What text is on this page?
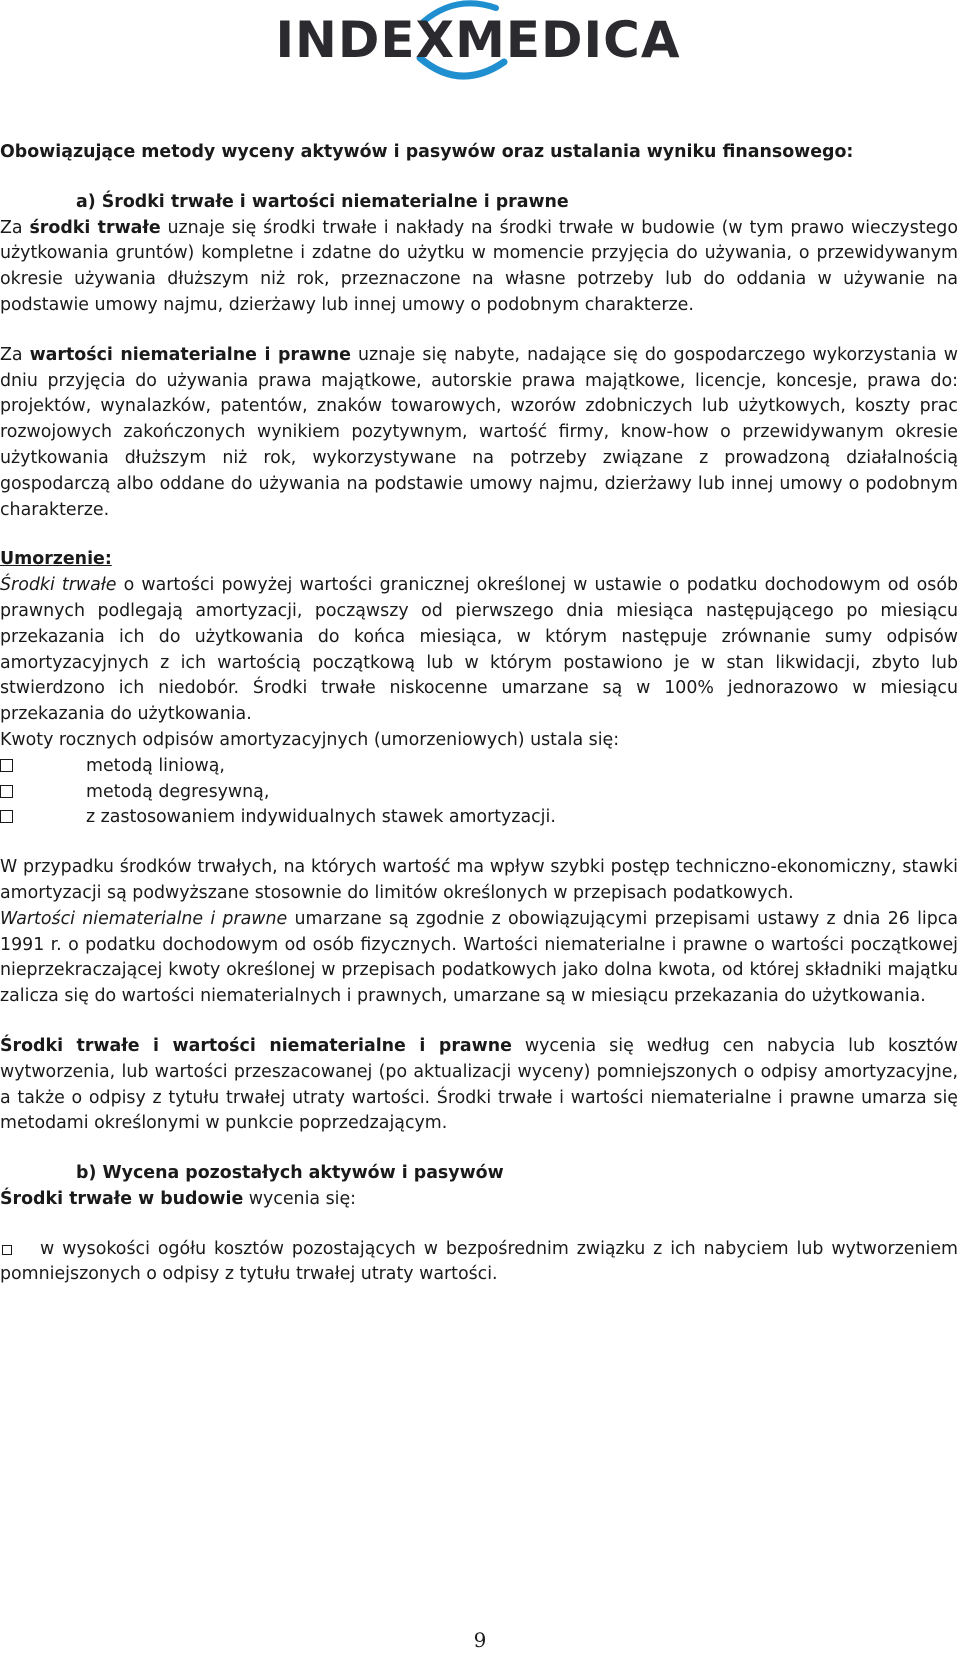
INDEXMEDICA

Obowiązujące metody wyceny aktywów i pasywów oraz ustalania wyniku finansowego:

a) Środki trwałe i wartości niematerialne i prawne

Za środki trwałe uznaje się środki trwałe i nakłady na środki trwałe w budowie (w tym prawo wieczystego użytkowania gruntów) kompletne i zdatne do użytku w momencie przyjęcia do używania, o przewidywanym okresie używania dłuższym niż rok, przeznaczone na własne potrzeby lub do oddania w używanie na podstawie umowy najmu, dzierżawy lub innej umowy o podobnym charakterze.

Za wartości niematerialne i prawne uznaje się nabyte, nadające się do gospodarczego wykorzystania w dniu przyjęcia do używania prawa majątkowe, autorskie prawa majątkowe, licencje, koncesje, prawa do: projektów, wynalazków, patentów, znaków towarowych, wzorów zdobniczych lub użytkowych, koszty prac rozwojowych zakończonych wynikiem pozytywnym, wartość firmy, know-how o przewidywanym okresie użytkowania dłuższym niż rok, wykorzystywane na potrzeby związane z prowadzoną działalnością gospodarczą albo oddane do używania na podstawie umowy najmu, dzierżawy lub innej umowy o podobnym charakterze.

Umorzenie:

Środki trwałe o wartości powyżej wartości granicznej określonej w ustawie o podatku dochodowym od osób prawnych podlegają amortyzacji, począwszy od pierwszego dnia miesiąca następującego po miesiącu przekazania ich do użytkowania do końca miesiąca, w którym następuje zrównanie sumy odpisów amortyzacyjnych z ich wartością początkową lub w którym postawiono je w stan likwidacji, zbyto lub stwierdzono ich niedobór. Środki trwałe niskocenne umarzane są w 100% jednorazowo w miesiącu przekazania do użytkowania.

Kwoty rocznych odpisów amortyzacyjnych (umorzeniowych) ustala się:

metodą liniową,
metodą degresywną,
z zastosowaniem indywidualnych stawek amortyzacji.

W przypadku środków trwałych, na których wartość ma wpływ szybki postęp techniczno-ekonomiczny, stawki amortyzacji są podwyższane stosownie do limitów określonych w przepisach podatkowych.

Wartości niematerialne i prawne umarzane są zgodnie z obowiązującymi przepisami ustawy z dnia 26 lipca 1991 r. o podatku dochodowym od osób fizycznych. Wartości niematerialne i prawne o wartości początkowej nieprzekraczającej kwoty określonej w przepisach podatkowych jako dolna kwota, od której składniki majątku zalicza się do wartości niematerialnych i prawnych, umarzane są w miesiącu przekazania do użytkowania.

Środki trwałe i wartości niematerialne i prawne wycenia się według cen nabycia lub kosztów wytworzenia, lub wartości przeszacowanej (po aktualizacji wyceny) pomniejszonych o odpisy amortyzacyjne, a także o odpisy z tytułu trwałej utraty wartości. Środki trwałe i wartości niematerialne i prawne umarza się metodami określonymi w punkcie poprzedzającym.

b) Wycena pozostałych aktywów i pasywów

Środki trwałe w budowie wycenia się:

w wysokości ogółu kosztów pozostających w bezpośrednim związku z ich nabyciem lub wytworzeniem pomniejszonych o odpisy z tytułu trwałej utraty wartości.

9
